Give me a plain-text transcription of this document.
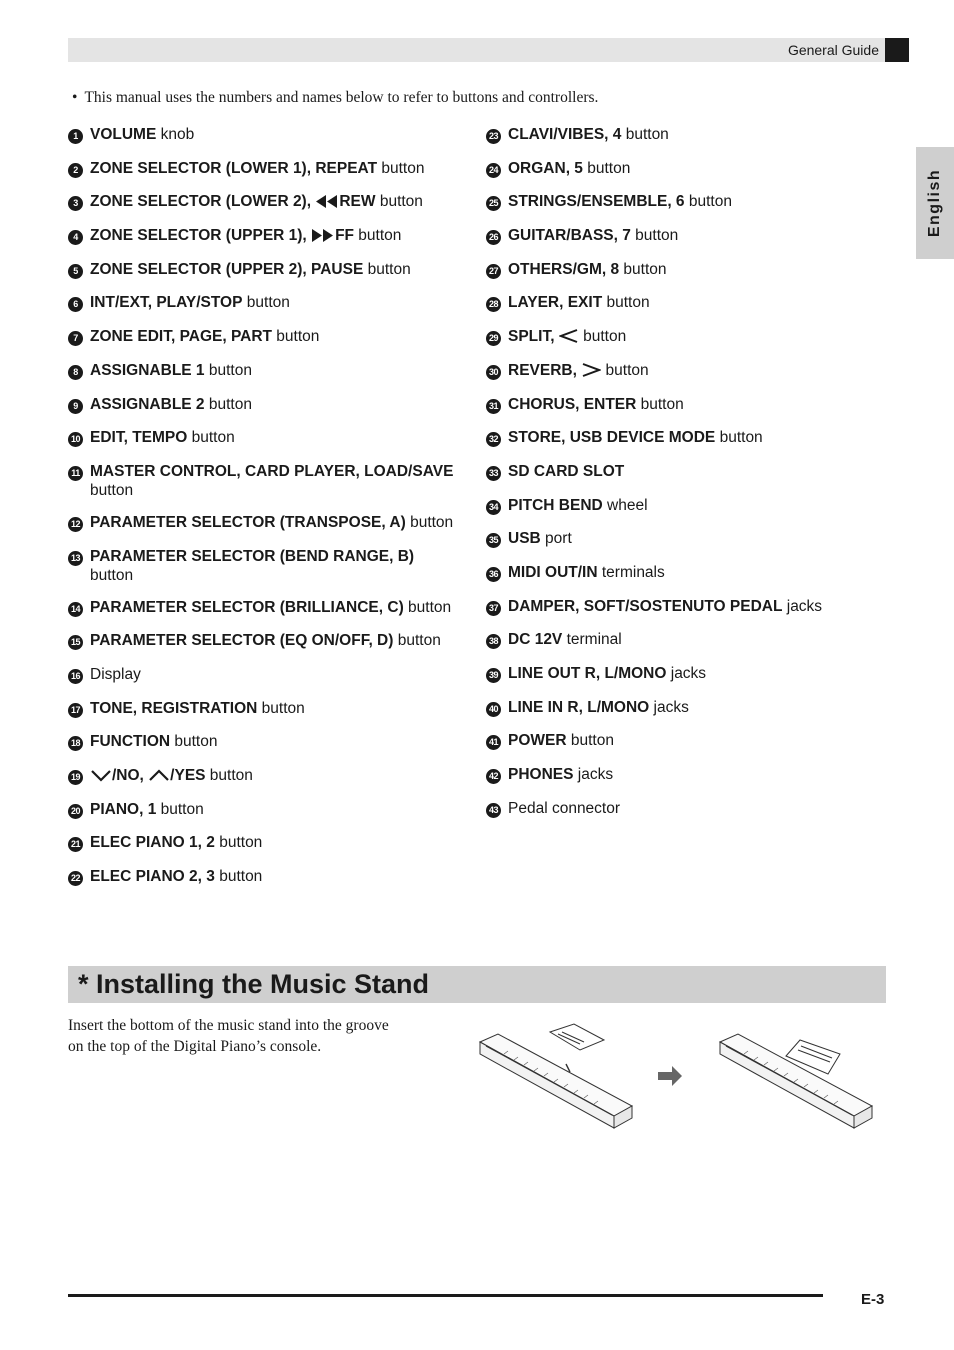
General Guide
English
• This manual uses the numbers and names below to refer to buttons and controllers.
1 VOLUME knob
2 ZONE SELECTOR (LOWER 1), REPEAT button
3 ZONE SELECTOR (LOWER 2), REW button
4 ZONE SELECTOR (UPPER 1), FF button
5 ZONE SELECTOR (UPPER 2), PAUSE button
6 INT/EXT, PLAY/STOP button
7 ZONE EDIT, PAGE, PART button
8 ASSIGNABLE 1 button
9 ASSIGNABLE 2 button
10 EDIT, TEMPO button
11 MASTER CONTROL, CARD PLAYER, LOAD/SAVE
button
12 PARAMETER SELECTOR (TRANSPOSE, A) button
13 PARAMETER SELECTOR (BEND RANGE, B)
button
14 PARAMETER SELECTOR (BRILLIANCE, C) button
15 PARAMETER SELECTOR (EQ ON/OFF, D) button
16 Display
17 TONE, REGISTRATION button
18 FUNCTION button
19 /NO, /YES button
20 PIANO, 1 button
21 ELEC PIANO 1, 2 button
22 ELEC PIANO 2, 3 button
23 CLAVI/VIBES, 4 button
24 ORGAN, 5 button
25 STRINGS/ENSEMBLE, 6 button
26 GUITAR/BASS, 7 button
27 OTHERS/GM, 8 button
28 LAYER, EXIT button
29 SPLIT,  button
30 REVERB,  button
31 CHORUS, ENTER button
32 STORE, USB DEVICE MODE button
33 SD CARD SLOT
34 PITCH BEND wheel
35 USB port
36 MIDI OUT/IN terminals
37 DAMPER, SOFT/SOSTENUTO PEDAL jacks
38 DC 12V terminal
39 LINE OUT R, L/MONO jacks
40 LINE IN R, L/MONO jacks
41 POWER button
42 PHONES jacks
43 Pedal connector
* Installing the Music Stand
Insert the bottom of the music stand into the groove on the top of the Digital Piano’s console.
E-3
